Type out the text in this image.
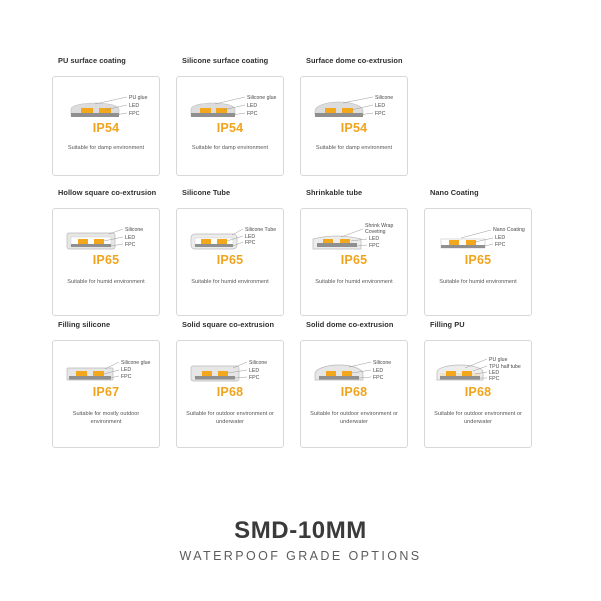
PU surface coating
PU glue
LED
FPC
IP54
Suitable for damp environment
Silicone surface coating
Silicone glue
LED
FPC
IP54
Suitable for damp environment
Surface dome co-extrusion
Silicone
LED
FPC
IP54
Suitable for damp environment
Hollow square co-extrusion
Silicone
LED
FPC
IP65
Suitable for humid environment
Silicone Tube
Silicone Tube
LED
FPC
IP65
Suitable for humid environment
Shrinkable tube
Shrink Wrap
Coveting
LED
FPC
IP65
Suitable for humid environment
Nano Coating
Nano Coating
LED
FPC
IP65
Suitable for humid environment
Filling silicone
Silicone glue
LED
FPC
IP67
Suitable for mostly outdoor environment
Solid square co-extrusion
Silicone
LED
FPC
IP68
Suitable for outdoor environment or underwater
Solid dome co-extrusion
Silicone
LED
FPC
IP68
Suitable for outdoor environment or underwater
Filling PU
PU glue
TPU half tube
LED
FPC
IP68
Suitable for outdoor environment or underwater
SMD-10MM
WATERPOOF GRADE OPTIONS
